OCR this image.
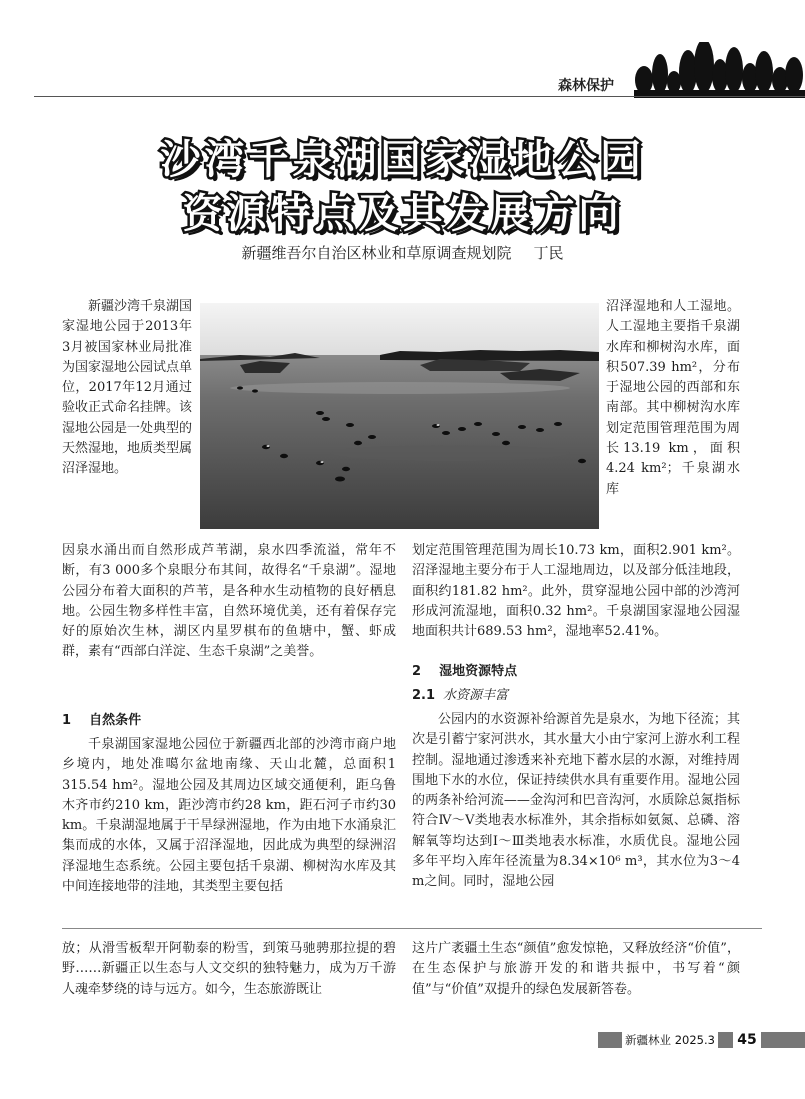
森林保护
沙湾千泉湖国家湿地公园
资源特点及其发展方向
新疆维吾尔自治区林业和草原调查规划院 丁民

新疆沙湾千泉湖国家湿地公园于2013年3月被国家林业局批准为国家湿地公园试点单位，2017年12月通过验收正式命名挂牌。该湿地公园是一处典型的天然湿地，地质类型属沼泽湿地。

因泉水涌出而自然形成芦苇湖，泉水四季流溢，常年不断，有3 000多个泉眼分布其间，故得名“千泉湖”。湿地公园分布着大面积的芦苇，是各种水生动植物的良好栖息地。公园生物多样性丰富，自然环境优美，还有着保存完好的原始次生林，湖区内星罗棋布的鱼塘中，蟹、虾成群，素有“西部白洋淀、生态千泉湖”之美誉。

1 自然条件

千泉湖国家湿地公园位于新疆西北部的沙湾市商户地乡境内，地处准噶尔盆地南缘、天山北麓，总面积1 315.54 hm²。湿地公园及其周边区域交通便利，距乌鲁木齐市约210 km，距沙湾市约28 km，距石河子市约30 km。千泉湖湿地属于干旱绿洲湿地，作为由地下水涌泉汇集而成的水体，又属于沼泽湿地，因此成为典型的绿洲沼泽湿地生态系统。公园主要包括千泉湖、柳树沟水库及其中间连接地带的洼地，其类型主要包括

沼泽湿地和人工湿地。人工湿地主要指千泉湖水库和柳树沟水库，面积507.39 hm²，分布于湿地公园的西部和东南部。其中柳树沟水库划定范围管理范围为周长13.19 km，面积4.24 km²；千泉湖水库

划定范围管理范围为周长10.73 km，面积2.901 km²。沼泽湿地主要分布于人工湿地周边，以及部分低洼地段，面积约181.82 hm²。此外，贯穿湿地公园中部的沙湾河形成河流湿地，面积0.32 hm²。千泉湖国家湿地公园湿地面积共计689.53 hm²，湿地率52.41%。

2 湿地资源特点
2.1 水资源丰富

公园内的水资源补给源首先是泉水，为地下径流；其次是引蓄宁家河洪水，其水量大小由宁家河上游水利工程控制。湿地通过渗透来补充地下蓄水层的水源，对维持周围地下水的水位，保证持续供水具有重要作用。湿地公园的两条补给河流——金沟河和巴音沟河，水质除总氮指标符合Ⅳ～Ⅴ类地表水标准外，其余指标如氨氮、总磷、溶解氧等均达到Ⅰ～Ⅲ类地表水标准，水质优良。湿地公园多年平均入库年径流量为8.34×10⁶ m³，其水位为3～4 m之间。同时，湿地公园

放；从滑雪板犁开阿勒泰的粉雪，到策马驰骋那拉提的碧野……新疆正以生态与人文交织的独特魅力，成为万千游人魂牵梦绕的诗与远方。如今，生态旅游既让

这片广袤疆土生态“颜值”愈发惊艳，又释放经济“价值”，在生态保护与旅游开发的和谐共振中，书写着“颜值”与“价值”双提升的绿色发展新答卷。

新疆林业 2025.3	45
